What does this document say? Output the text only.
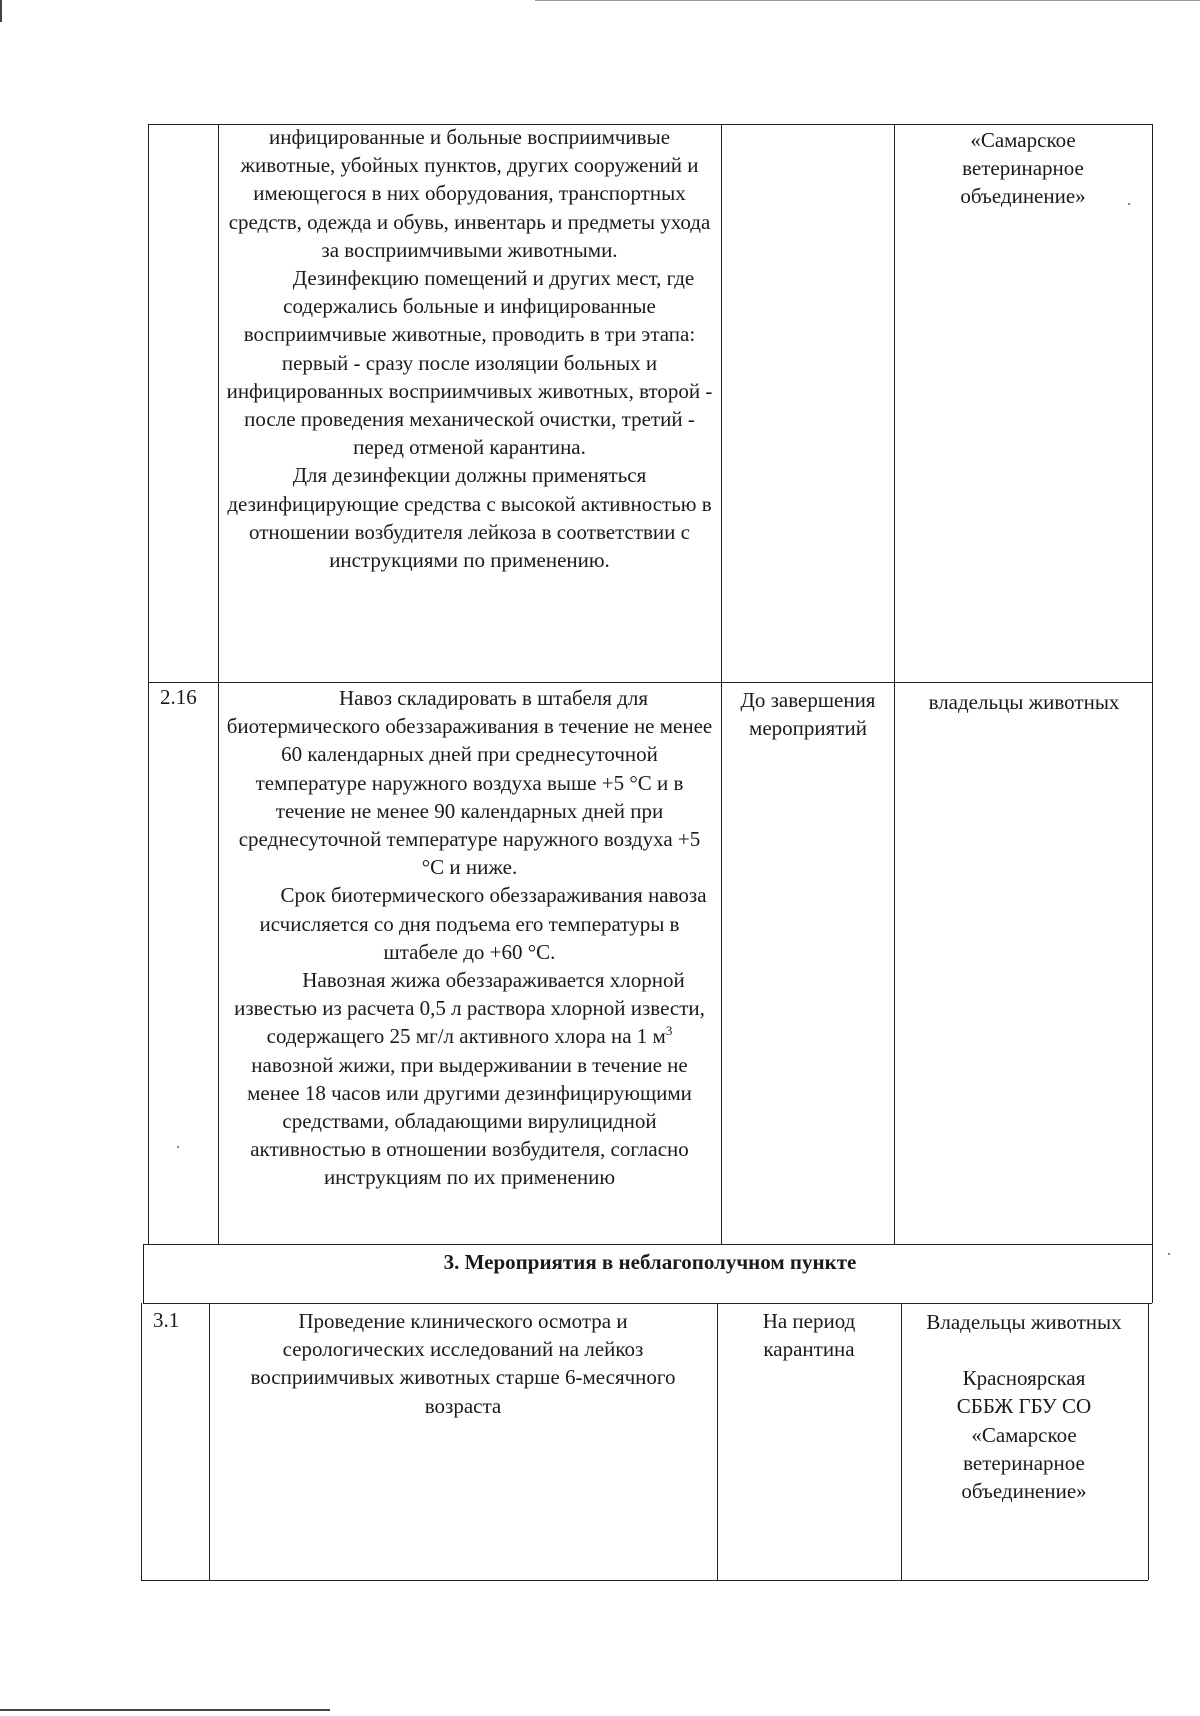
инфицированные и больные восприимчивые животные, убойных пунктов, других сооружений и имеющегося в них оборудования, транспортных средств, одежда и обувь, инвентарь и предметы ухода за восприимчивыми животными.

Дезинфекцию помещений и других мест, где содержались больные и инфицированные восприимчивые животные, проводить в три этапа: первый - сразу после изоляции больных и инфицированных восприимчивых животных, второй - после проведения механической очистки, третий - перед отменой карантина.

Для дезинфекции должны применяться дезинфицирующие средства с высокой активностью в отношении возбудителя лейкоза в соответствии с инструкциями по применению.

«Самарское ветеринарное объединение»
2.16	Навоз складировать в штабеля для биотермического обеззараживания в течение не менее 60 календарных дней при среднесуточной температуре наружного воздуха выше +5 °С и в течение не менее 90 календарных дней при среднесуточной температуре наружного воздуха +5 °С и ниже.

Срок биотермического обеззараживания навоза исчисляется со дня подъема его температуры в штабеле до +60 °С.

Навозная жижа обеззараживается хлорной известью из расчета 0,5 л раствора хлорной извести, содержащего 25 мг/л активного хлора на 1 $м^3$ навозной жижи, при выдерживании в течение не менее 18 часов или другими дезинфицирующими средствами, обладающими вирулицидной активностью в отношении возбудителя, согласно инструкциям по их применению

До завершения мероприятий
владельцы животных
3. Мероприятия в неблагополучном пункте
3.1	Проведение клинического осмотра и серологических исследований на лейкоз восприимчивых животных старше 6-месячного возраста
На период карантина
Владельцы животных
Красноярская СББЖ ГБУ СО «Самарское ветеринарное объединение»
